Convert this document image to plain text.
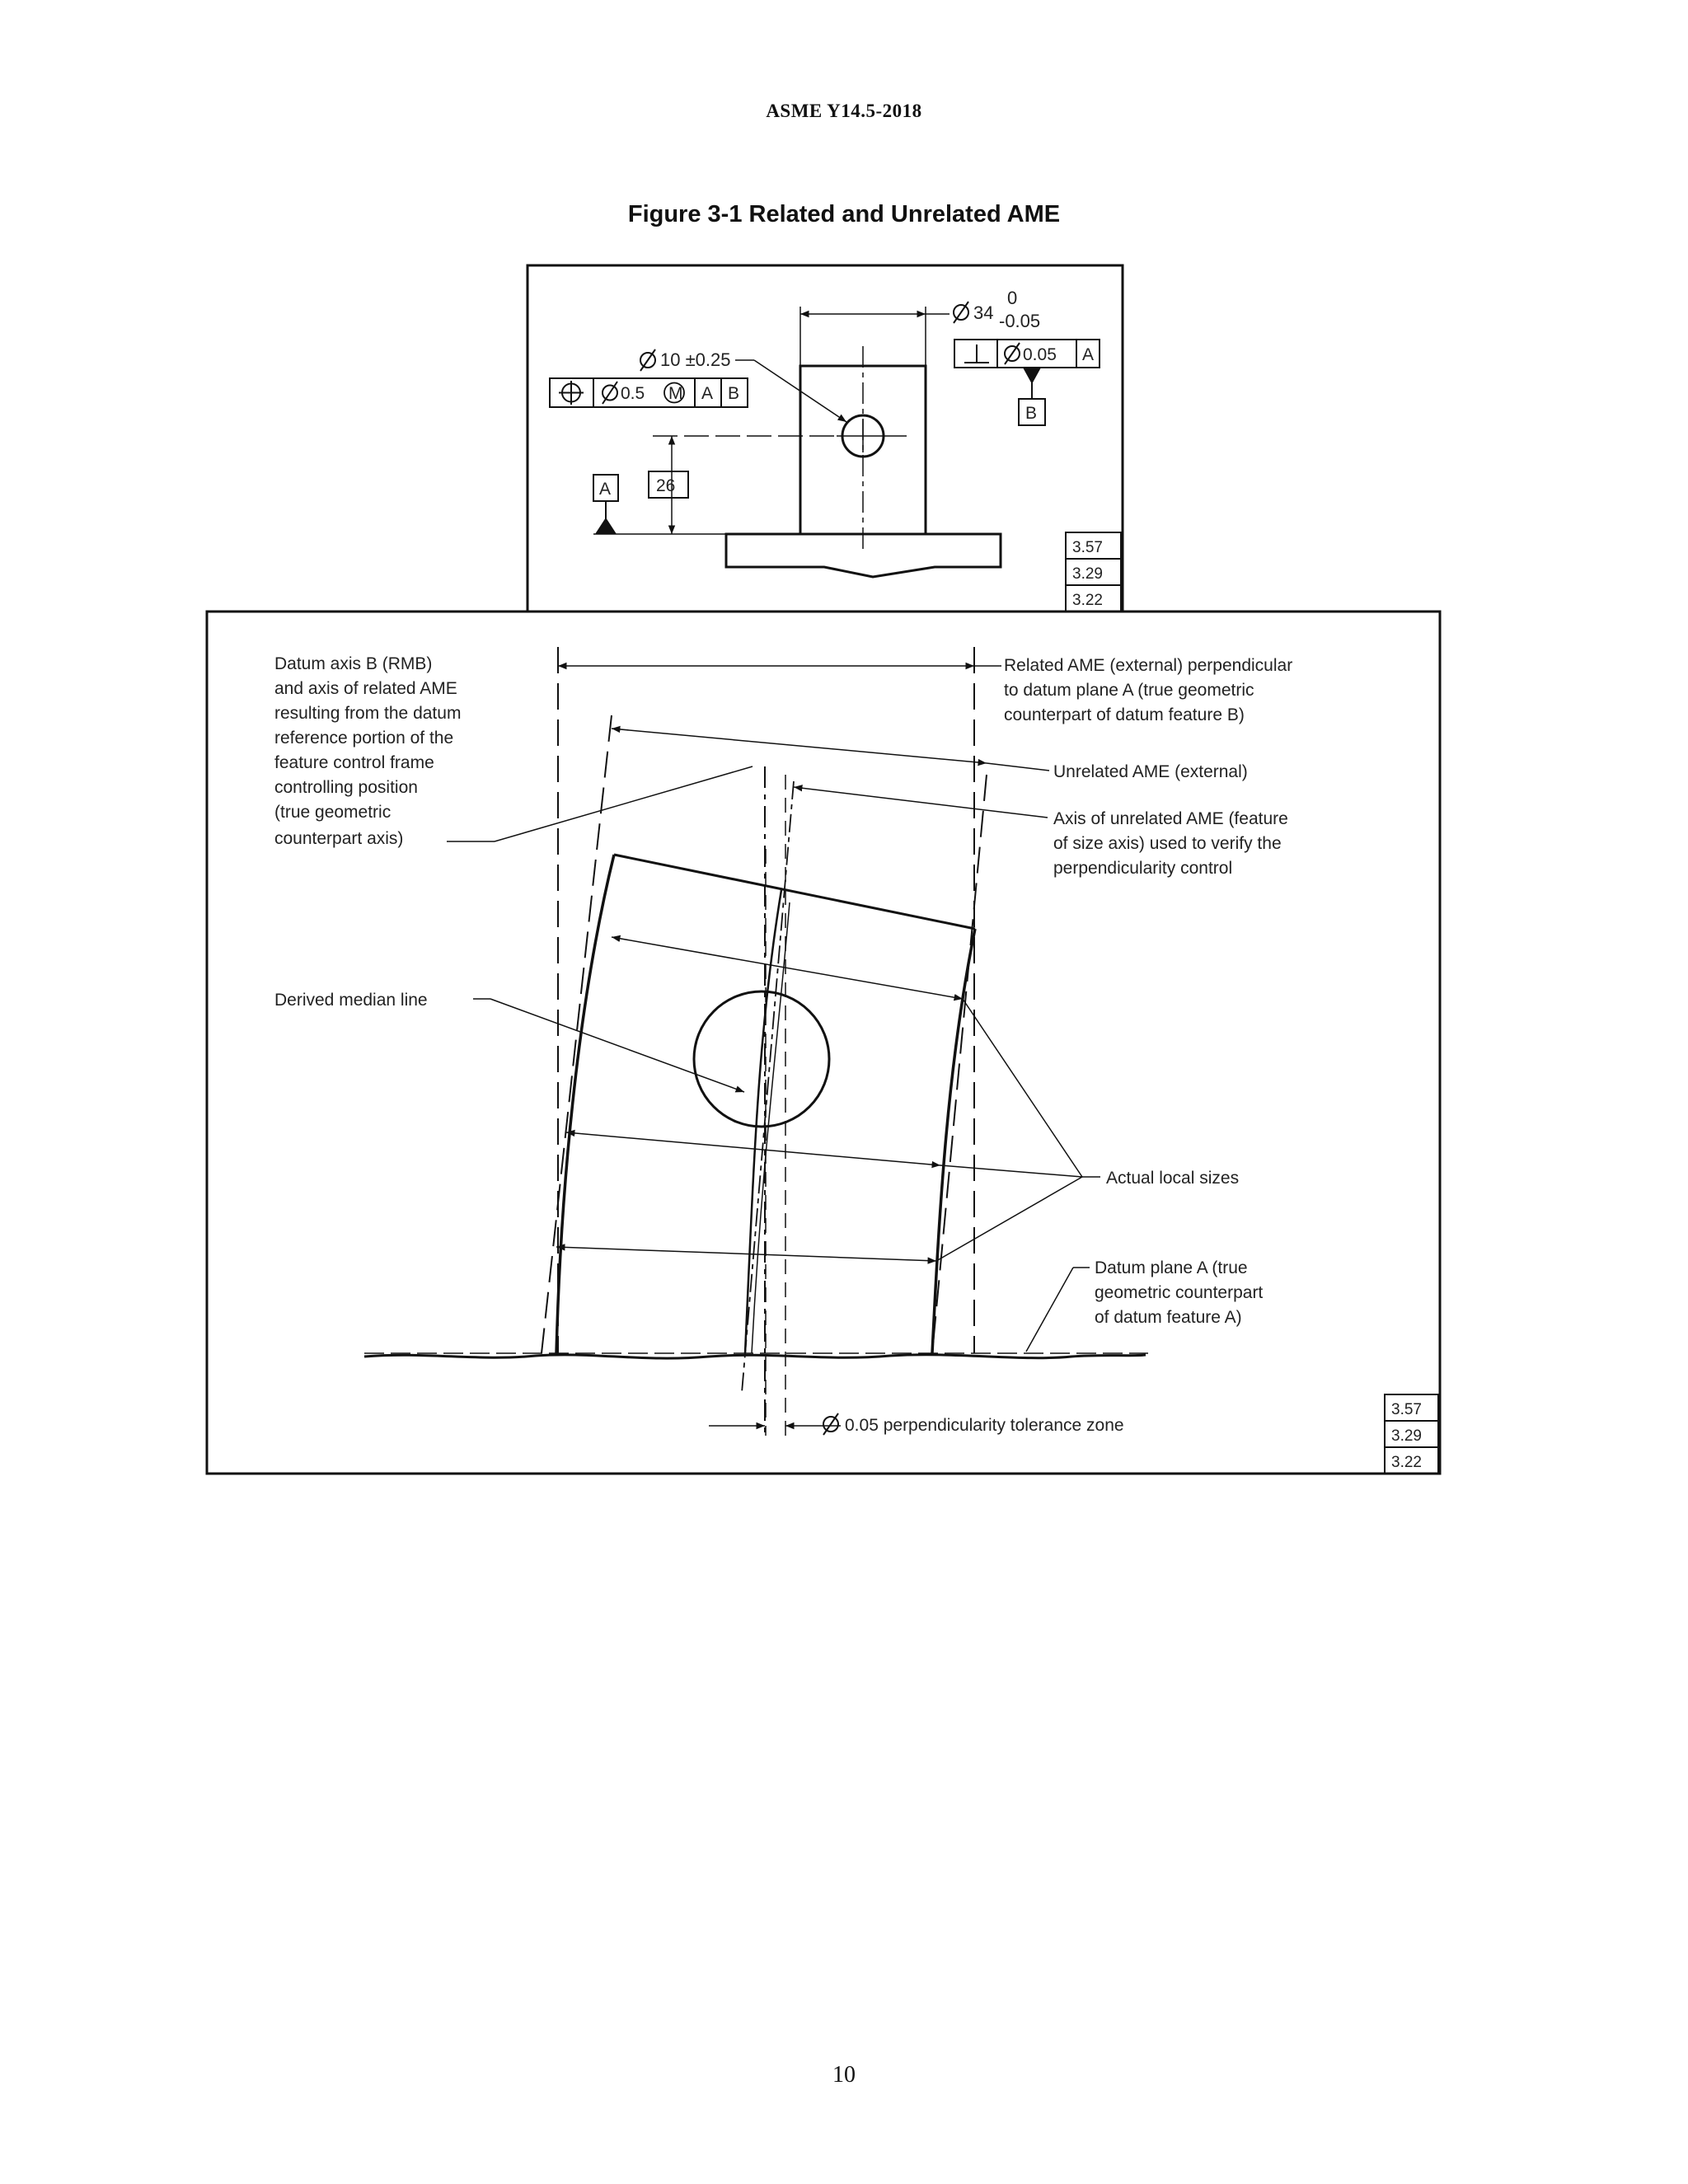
ASME Y14.5-2018
Figure 3-1 Related and Unrelated AME
34
0
-0.05
10 ±0.25
0.5 M A B
0.05 A
B
A	26
3.57
3.29
3.22
Datum axis B (RMB) and axis of related AME resulting from the datum reference portion of the feature control frame controlling position (true geometric counterpart axis)
Related AME (external) perpendicular to datum plane A (true geometric counterpart of datum feature B)
Unrelated AME (external)
Axis of unrelated AME (feature of size axis) used to verify the perpendicularity control
Derived median line
Actual local sizes
Datum plane A (true geometric counterpart of datum feature A)
0.05 perpendicularity tolerance zone
3.57
3.29
3.22
10
